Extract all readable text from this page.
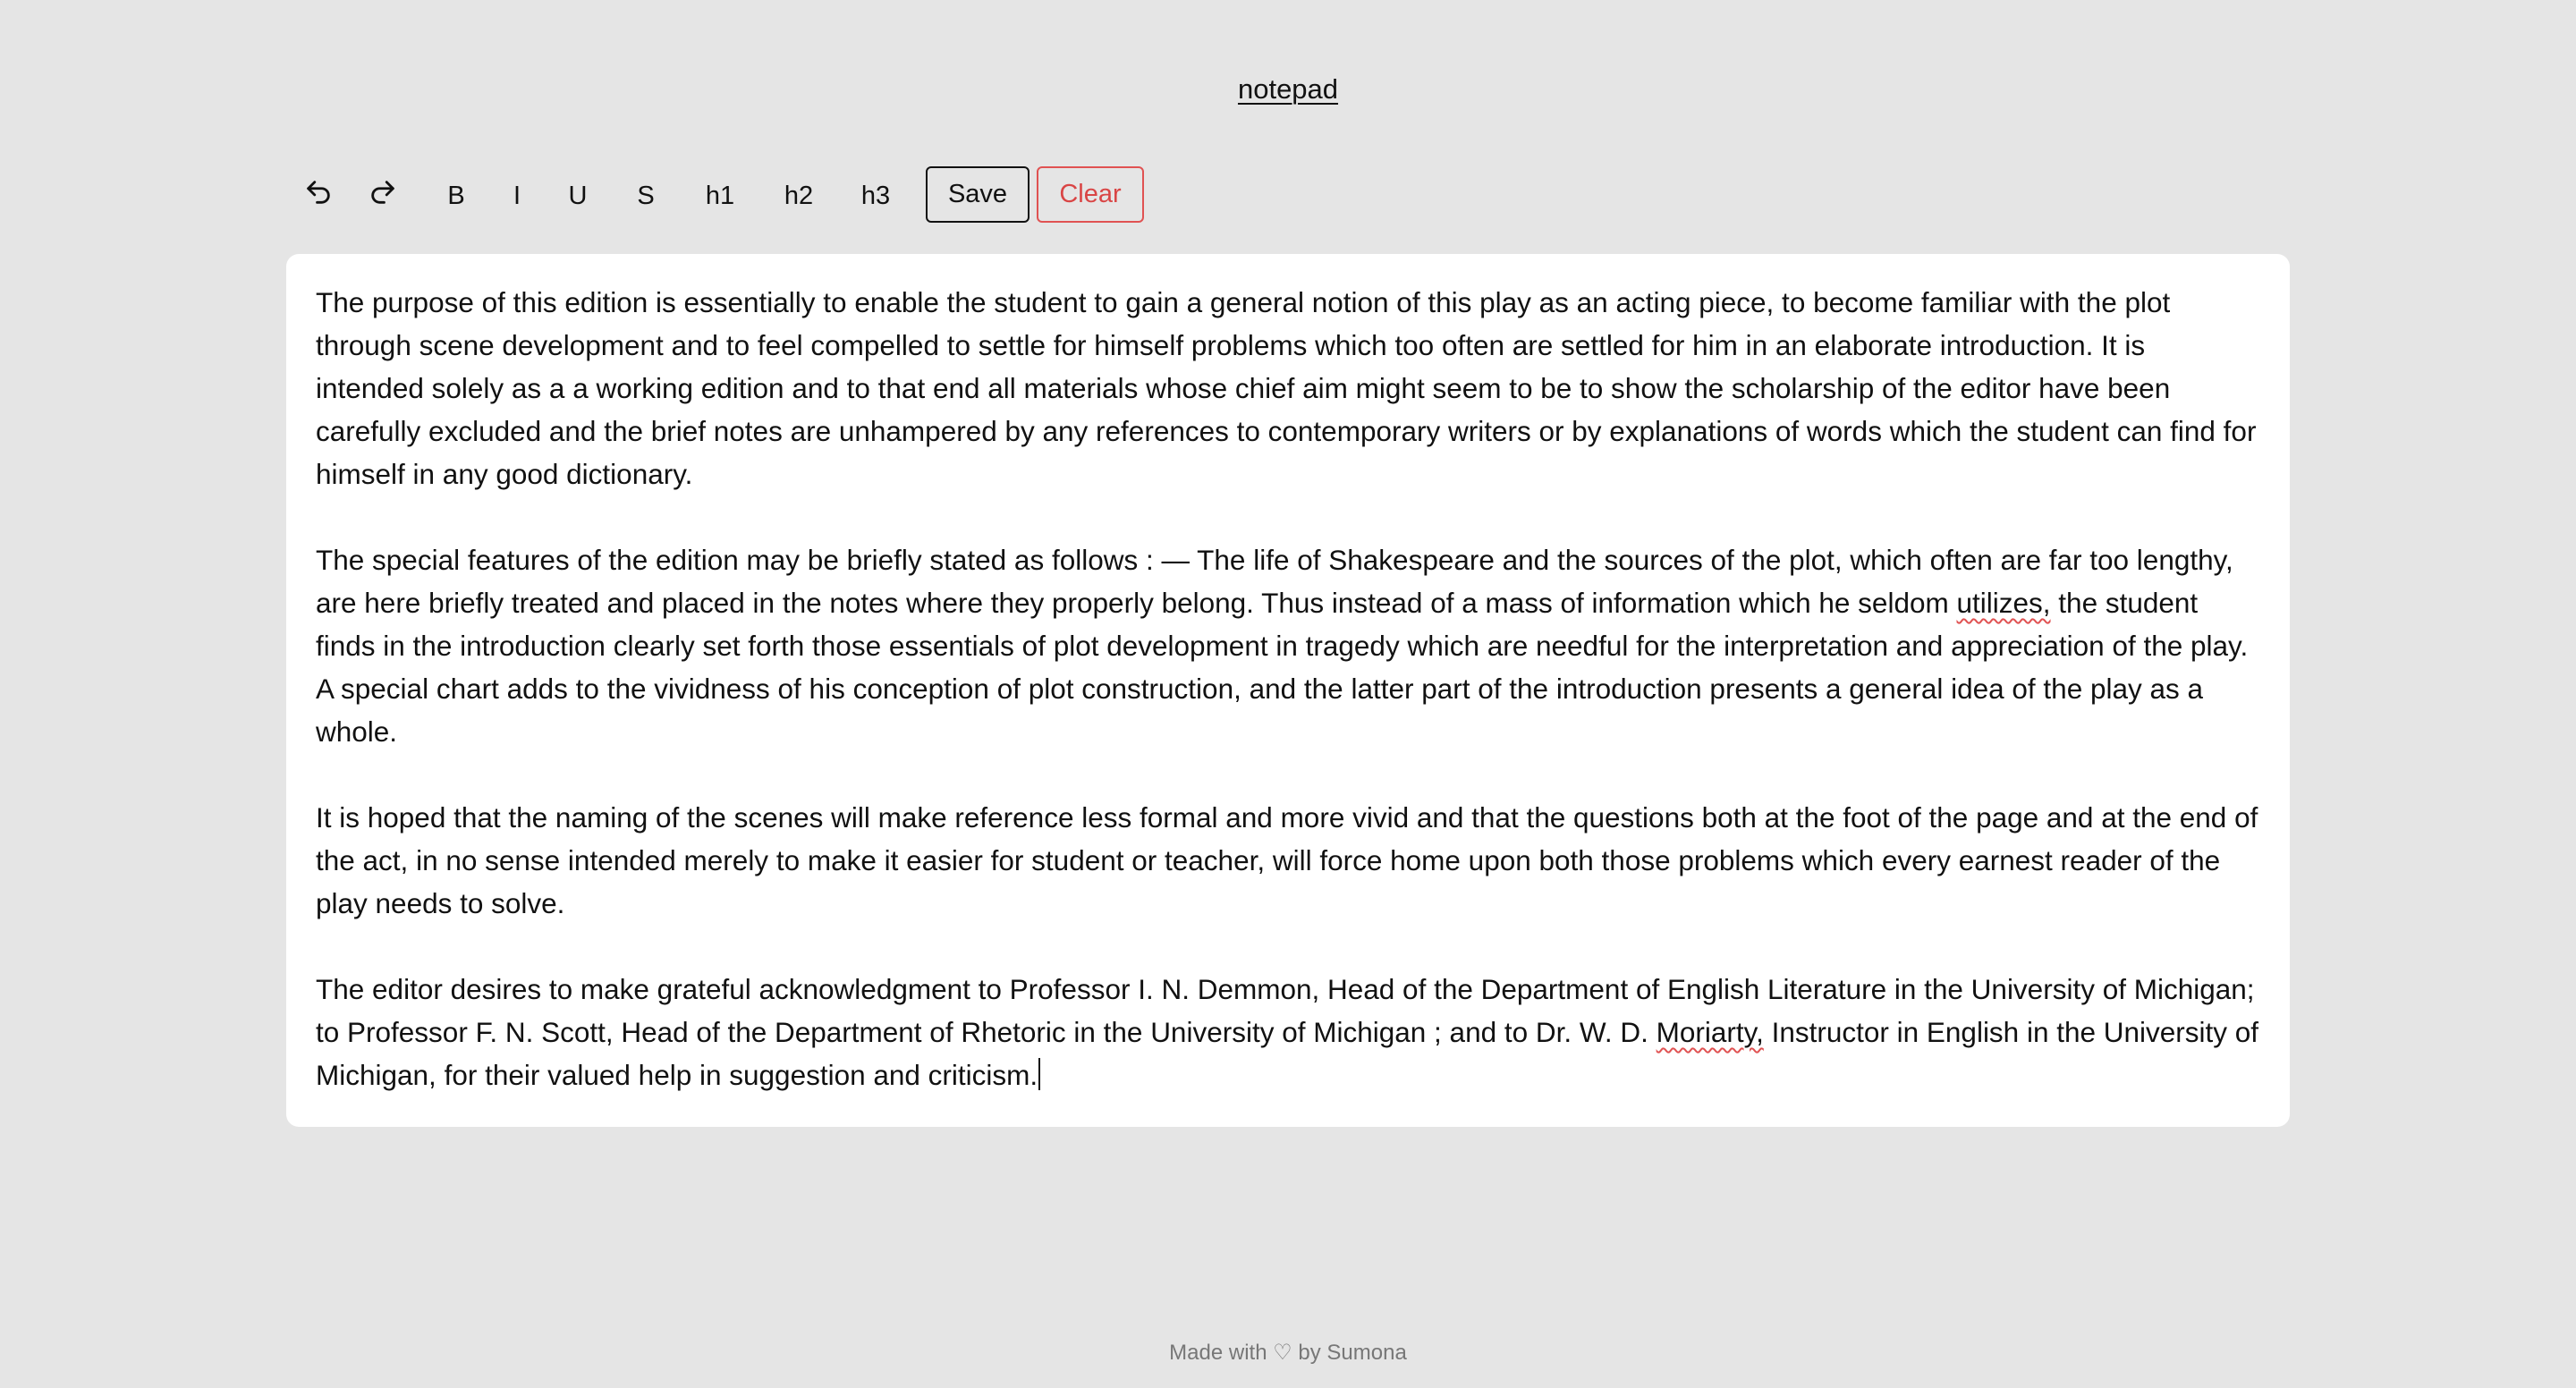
notepad
B	I	U	S	h1 h2 h3	Save	Clear

The purpose of this edition is essentially to enable the student to gain a general notion of this play as an acting piece, to become familiar with the plot through scene development and to feel compelled to settle for himself problems which too often are settled for him in an elaborate introduction. It is intended solely as a a working edition and to that end all materials whose chief aim might seem to be to show the scholarship of the editor have been carefully excluded and the brief notes are unhampered by any references to contemporary writers or by explanations of words which the student can find for himself in any good dictionary.

The special features of the edition may be briefly stated as follows : — The life of Shakespeare and the sources of the plot, which often are far too lengthy, are here briefly treated and placed in the notes where they properly belong. Thus instead of a mass of information which he seldom utilizes, the student finds in the introduction clearly set forth those essentials of plot development in tragedy which are needful for the interpretation and appreciation of the play. A special chart adds to the vividness of his conception of plot construction, and the latter part of the introduction presents a general idea of the play as a whole.

It is hoped that the naming of the scenes will make reference less formal and more vivid and that the questions both at the foot of the page and at the end of the act, in no sense intended merely to make it easier for student or teacher, will force home upon both those problems which every earnest reader of the play needs to solve.

The editor desires to make grateful acknowledgment to Professor I. N. Demmon, Head of the Department of English Literature in the University of Michigan; to Professor F. N. Scott, Head of the Department of Rhetoric in the University of Michigan ; and to Dr. W. D. Moriarty, Instructor in English in the University of Michigan, for their valued help in suggestion and criticism.

Made with ♡ by Sumona
